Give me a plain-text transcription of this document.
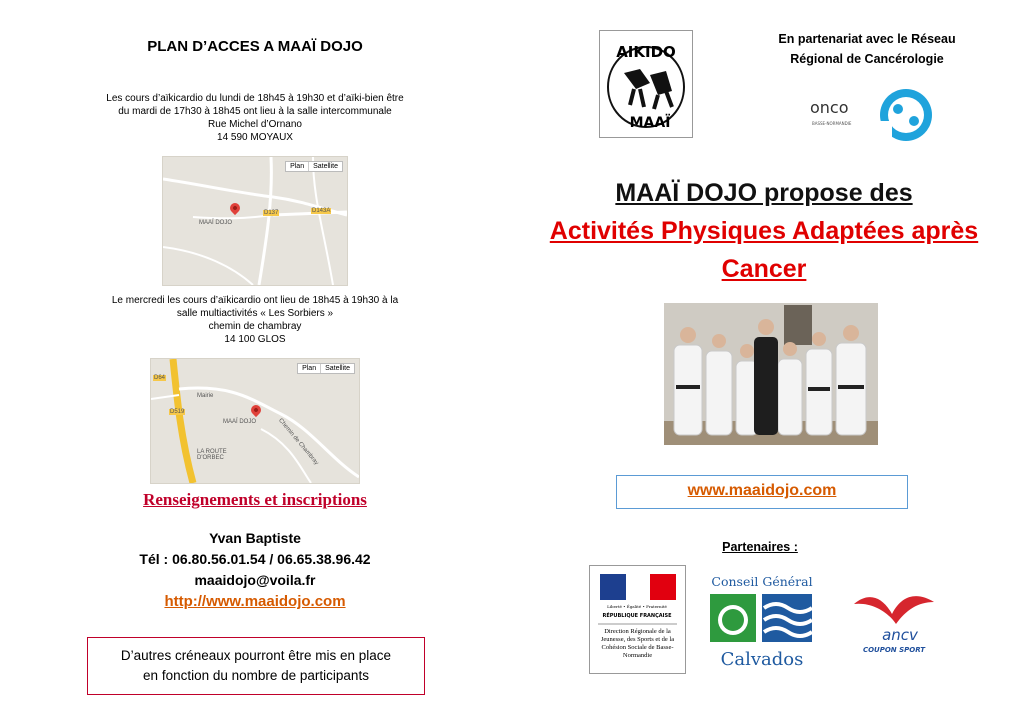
PLAN D’ACCES A MAAÏ DOJO
Les cours d’aïkicardio du lundi de 18h45 à 19h30 et d’aïki-bien être
du mardi de 17h30 à 18h45 ont lieu à la salle intercommunale
Rue Michel d’Ornano
14 590 MOYAUX
Plan	Satellite
MAAÏ DOJO
D137	D143A
Le mercredi les cours d’aïkicardio ont lieu de 18h45 à 19h30 à la
salle multiactivités « Les Sorbiers »
chemin de chambray
14 100 GLOS
Plan	Satellite
MAAÏ DOJO
Mairie
LA ROUTE D'ORBEC
D64
D519
Chemin de Chambray
Renseignements et inscriptions
Yvan Baptiste
Tél : 06.80.56.01.54 / 06.65.38.96.42
maaidojo@voila.fr
http://www.maaidojo.com
D’autres créneaux pourront être mis en place
en fonction du nombre de participants
AIKIDO
MAAÏ
En partenariat avec le Réseau
Régional de Cancérologie
onco
BASSE-NORMANDIE
MAAÏ DOJO propose des
Activités Physiques Adaptées après
Cancer
www.maaidojo.com
Partenaires :
Liberté • Égalité • Fraternité
RÉPUBLIQUE FRANÇAISE
Direction Régionale de la Jeunesse, des Sports et de la Cohésion Sociale de Basse-Normandie
Conseil Général
Calvados
ancv
COUPON SPORT
